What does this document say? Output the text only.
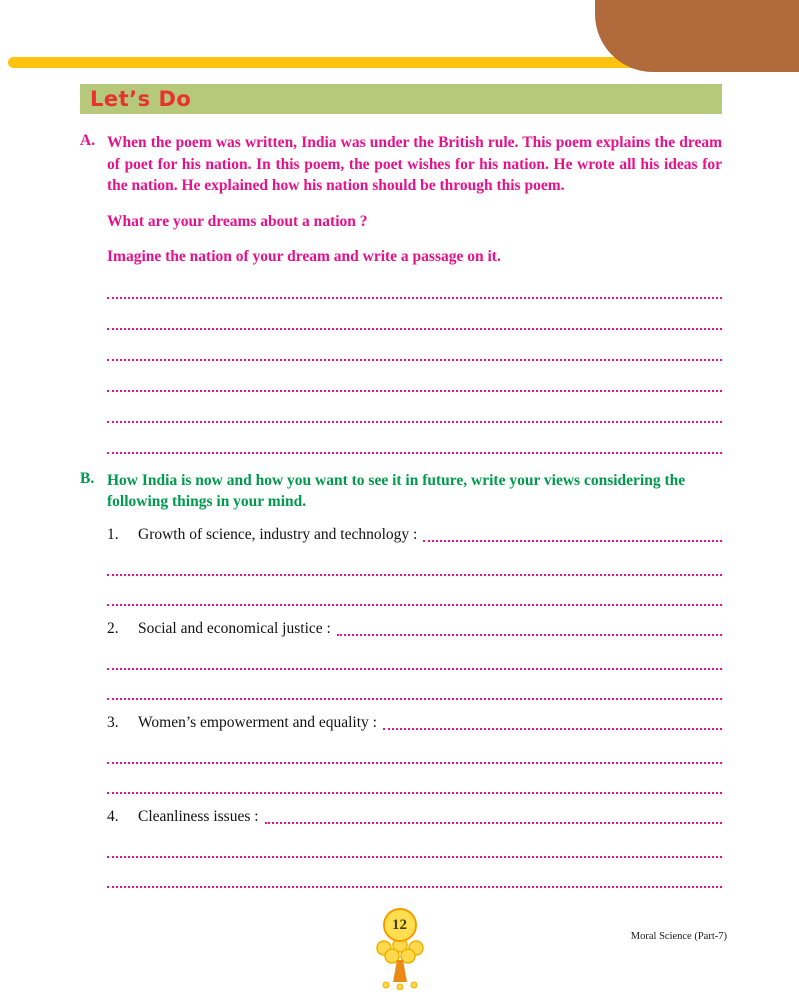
Let’s Do
A. When the poem was written, India was under the British rule. This poem explains the dream of poet for his nation. In this poem, the poet wishes for his nation. He wrote all his ideas for the nation. He explained how his nation should be through this poem.

What are your dreams about a nation ?

Imagine the nation of your dream and write a passage on it.

B. How India is now and how you want to see it in future, write your views considering the following things in your mind.

1.	Growth of science, industry and technology :
2.	Social and economical justice :
3.	Women’s empowerment and equality :
4.	Cleanliness issues :
12
Moral Science (Part-7)
